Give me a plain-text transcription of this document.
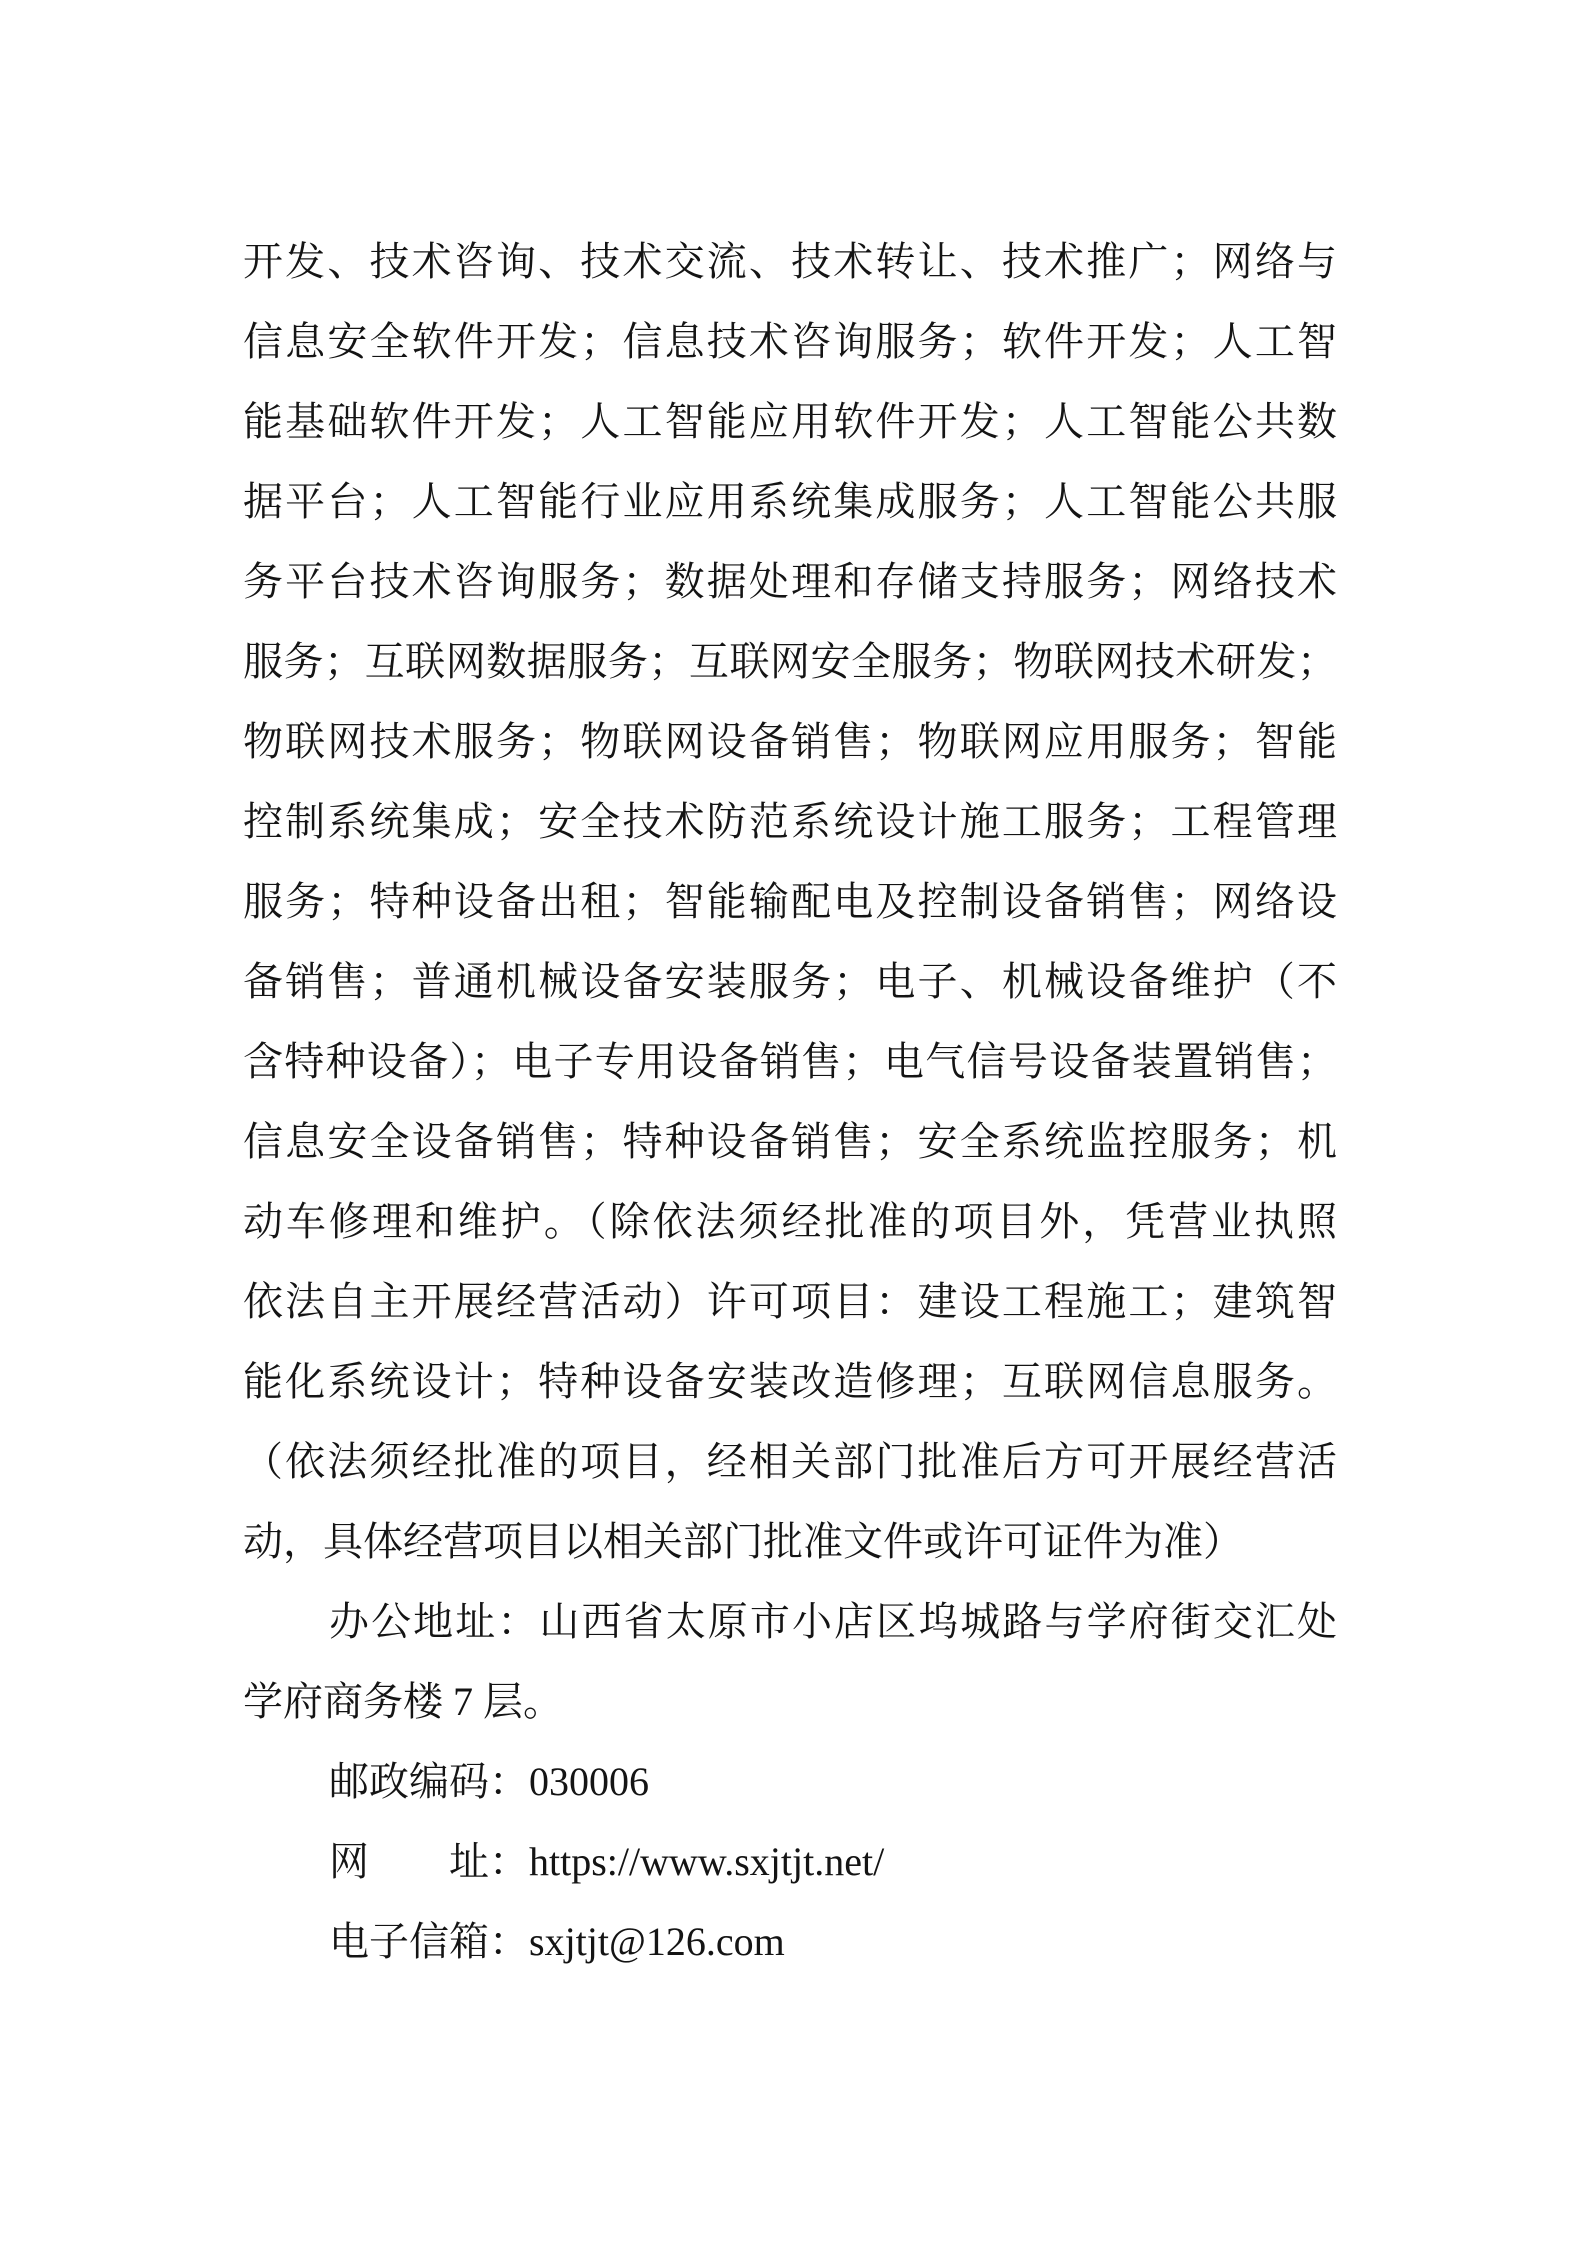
开发、技术咨询、技术交流、技术转让、技术推广；网络与
信息安全软件开发；信息技术咨询服务；软件开发；人工智
能基础软件开发；人工智能应用软件开发；人工智能公共数
据平台；人工智能行业应用系统集成服务；人工智能公共服
务平台技术咨询服务；数据处理和存储支持服务；网络技术
服务；互联网数据服务；互联网安全服务；物联网技术研发；
物联网技术服务；物联网设备销售；物联网应用服务；智能
控制系统集成；安全技术防范系统设计施工服务；工程管理
服务；特种设备出租；智能输配电及控制设备销售；网络设
备销售；普通机械设备安装服务；电子、机械设备维护（不
含特种设备）；电子专用设备销售；电气信号设备装置销售；
信息安全设备销售；特种设备销售；安全系统监控服务；机
动车修理和维护。（除依法须经批准的项目外，凭营业执照
依法自主开展经营活动）许可项目：建设工程施工；建筑智
能化系统设计；特种设备安装改造修理；互联网信息服务。
（依法须经批准的项目，经相关部门批准后方可开展经营活
动，具体经营项目以相关部门批准文件或许可证件为准）
办公地址：山西省太原市小店区坞城路与学府街交汇处
学府商务楼 7 层。
邮政编码：030006
网　　址：https://www.sxjtjt.net/
电子信箱：sxjtjt@126.com
